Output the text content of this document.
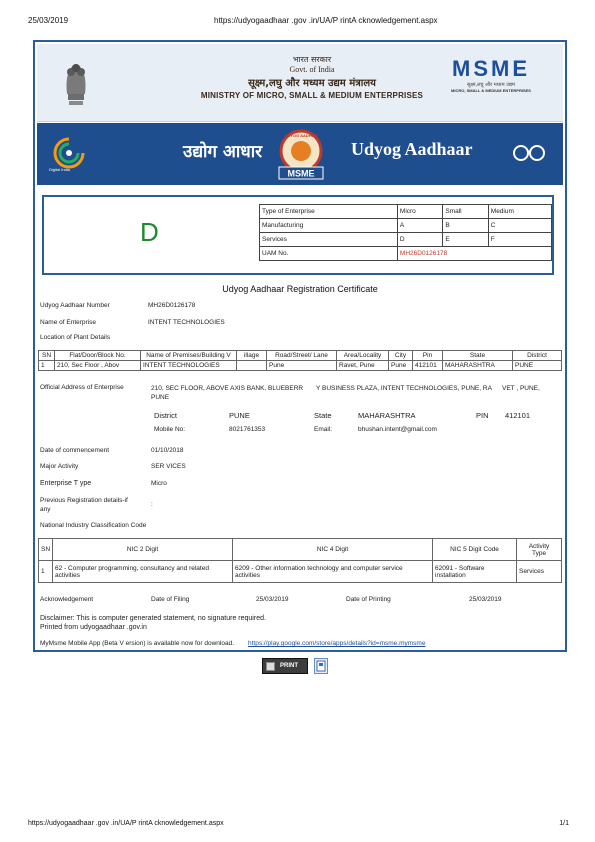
25/03/2019	https://udyogaadhaar .gov .in/UA/P rintA cknowledgement.aspx
भारत सरकार
Govt. of India
सूक्ष्म,लघु और मध्यम उद्यम मंत्रालय
MINISTRY OF MICRO, SMALL & MEDIUM ENTERPRISES
MSME
सूक्ष्म,लघु और मध्यम उद्यम
MICRO, SMALL & MEDIUM ENTERPRISES
Digital India
उद्योग आधार
MSME
UDYOG AADHAR
Udyog Aadhaar
D
Type of Enterprise	Micro	Small	Medium
Manufacturing	A	B	C
Services	D	E	F
UAM No.	MH26D0126178		
Udyog Aadhaar Registration Certificate
Udyog Aadhaar Number	MH26D0126178
Name of Enterprise	INTENT TECHNOLOGIES
Location of Plant Details
SN	Flat/Door/Block No.	Name of Premises/Building V	illage	Road/Street/ Lane	Area/Locality	City	Pin	State	District
1	210, Sec Floor , Abov	INTENT TECHNOLOGIES		Pune	Ravet, Pune	Pune	412101	MAHARASHTRA	PUNE
Official Address of Enterprise	210, SEC FLOOR, ABOVE AXIS BANK, BLUEBERR Y BUSINESS PLAZA, INTENT TECHNOLOGIES, PUNE, RA VET , PUNE,
PUNE
District	PUNE	State	MAHARASHTRA	PIN 412101
Mobile No:	8021761353	Email:	bhushan.intent@gmail.com
Date of commencement	01/10/2018
Major Activity	SER VICES
Enterprise T ype	Micro
Previous Registration details-if
any
:
National Industry Classification Code
SN	NIC 2 Digit	NIC 4 Digit	NIC 5 Digit Code	Activity
Type
1	62 - Computer programming, consultancy and related
activities	6209 - Other information technology and computer service
activities	62091 - Software
installation	Services
Acknowledgement	Date of Filing	25/03/2019	Date of Printing	25/03/2019
Disclaimer: This is computer generated statement, no signature required.
Printed from udyogaadhaar .gov.in
MyMsme Mobile App (Beta V ersion) is available now for download. https://play.google.com/store/apps/details?id=msme.mymsme
PRINT
https://udyogaadhaar .gov .in/UA/P rintA cknowledgement.aspx	1/1
